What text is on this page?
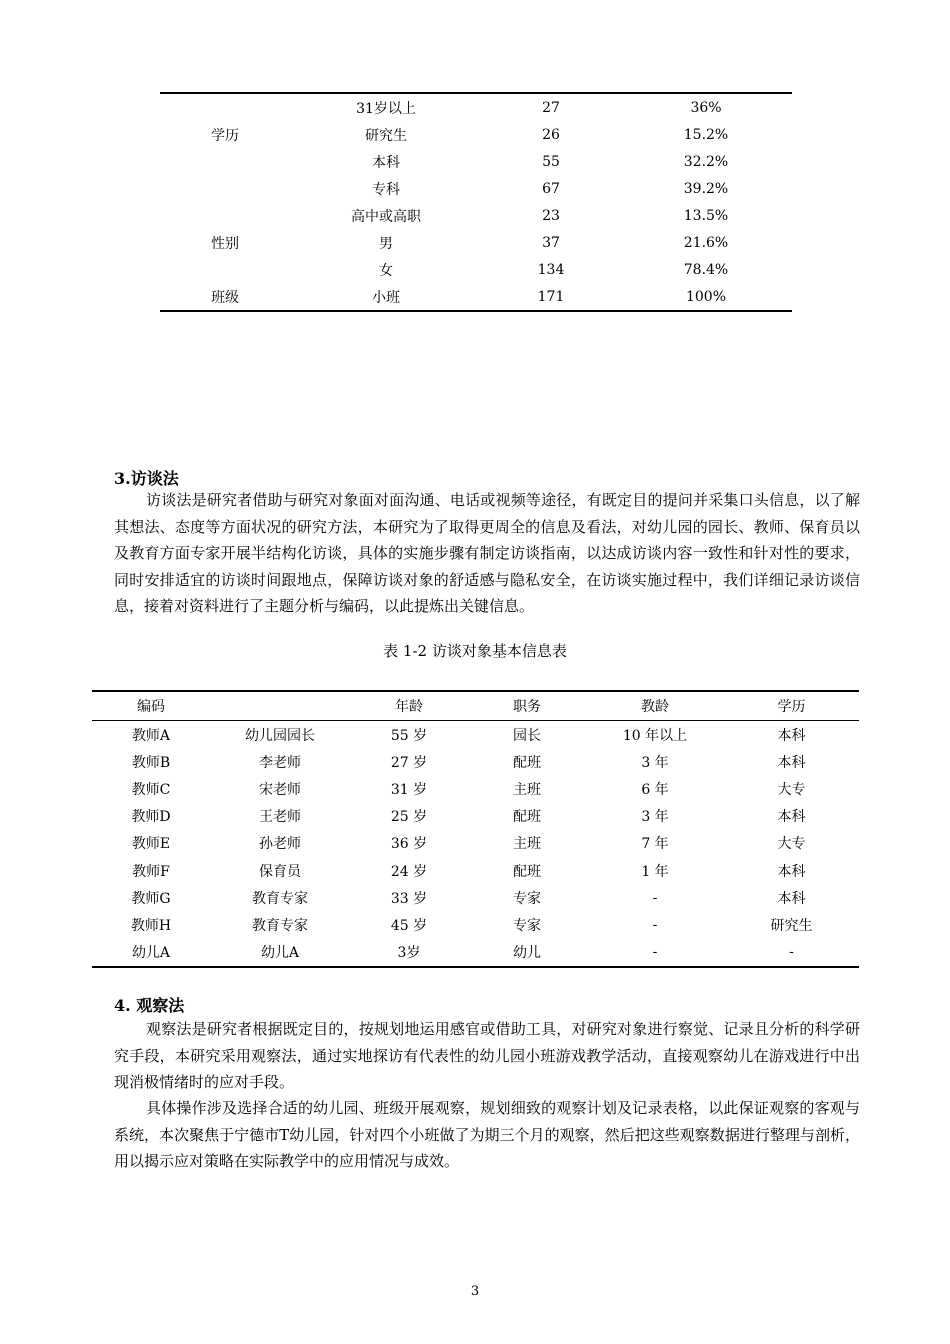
	31岁以上	27	36%
学历	研究生	26	15.2%
	本科	55	32.2%
	专科	67	39.2%
	高中或高职	23	13.5%
性别	男	37	21.6%
	女	134	78.4%
班级	小班	171	100%
3.访谈法

访谈法是研究者借助与研究对象面对面沟通、电话或视频等途径，有既定目的提问并采集口头信息，以了解其想法、态度等方面状况的研究方法，本研究为了取得更周全的信息及看法，对幼儿园的园长、教师、保育员以及教育方面专家开展半结构化访谈，具体的实施步骤有制定访谈指南，以达成访谈内容一致性和针对性的要求，同时安排适宜的访谈时间跟地点，保障访谈对象的舒适感与隐私安全，在访谈实施过程中，我们详细记录访谈信息，接着对资料进行了主题分析与编码，以此提炼出关键信息。

表 1-2 访谈对象基本信息表
编码		年龄	职务	教龄	学历
教师A	幼儿园园长	55 岁	园长	10 年以上	本科
教师B	李老师	27 岁	配班	3 年	本科
教师C	宋老师	31 岁	主班	6 年	大专
教师D	王老师	25 岁	配班	3 年	本科
教师E	孙老师	36 岁	主班	7 年	大专
教师F	保育员	24 岁	配班	1 年	本科
教师G	教育专家	33 岁	专家	-	本科
教师H	教育专家	45 岁	专家	-	研究生
幼儿A	幼儿A	3岁	幼儿	-	-
4. 观察法

观察法是研究者根据既定目的，按规划地运用感官或借助工具，对研究对象进行察觉、记录且分析的科学研究手段，本研究采用观察法，通过实地探访有代表性的幼儿园小班游戏教学活动，直接观察幼儿在游戏进行中出现消极情绪时的应对手段。

具体操作涉及选择合适的幼儿园、班级开展观察，规划细致的观察计划及记录表格，以此保证观察的客观与系统，本次聚焦于宁德市T幼儿园，针对四个小班做了为期三个月的观察，然后把这些观察数据进行整理与剖析，用以揭示应对策略在实际教学中的应用情况与成效。

3
